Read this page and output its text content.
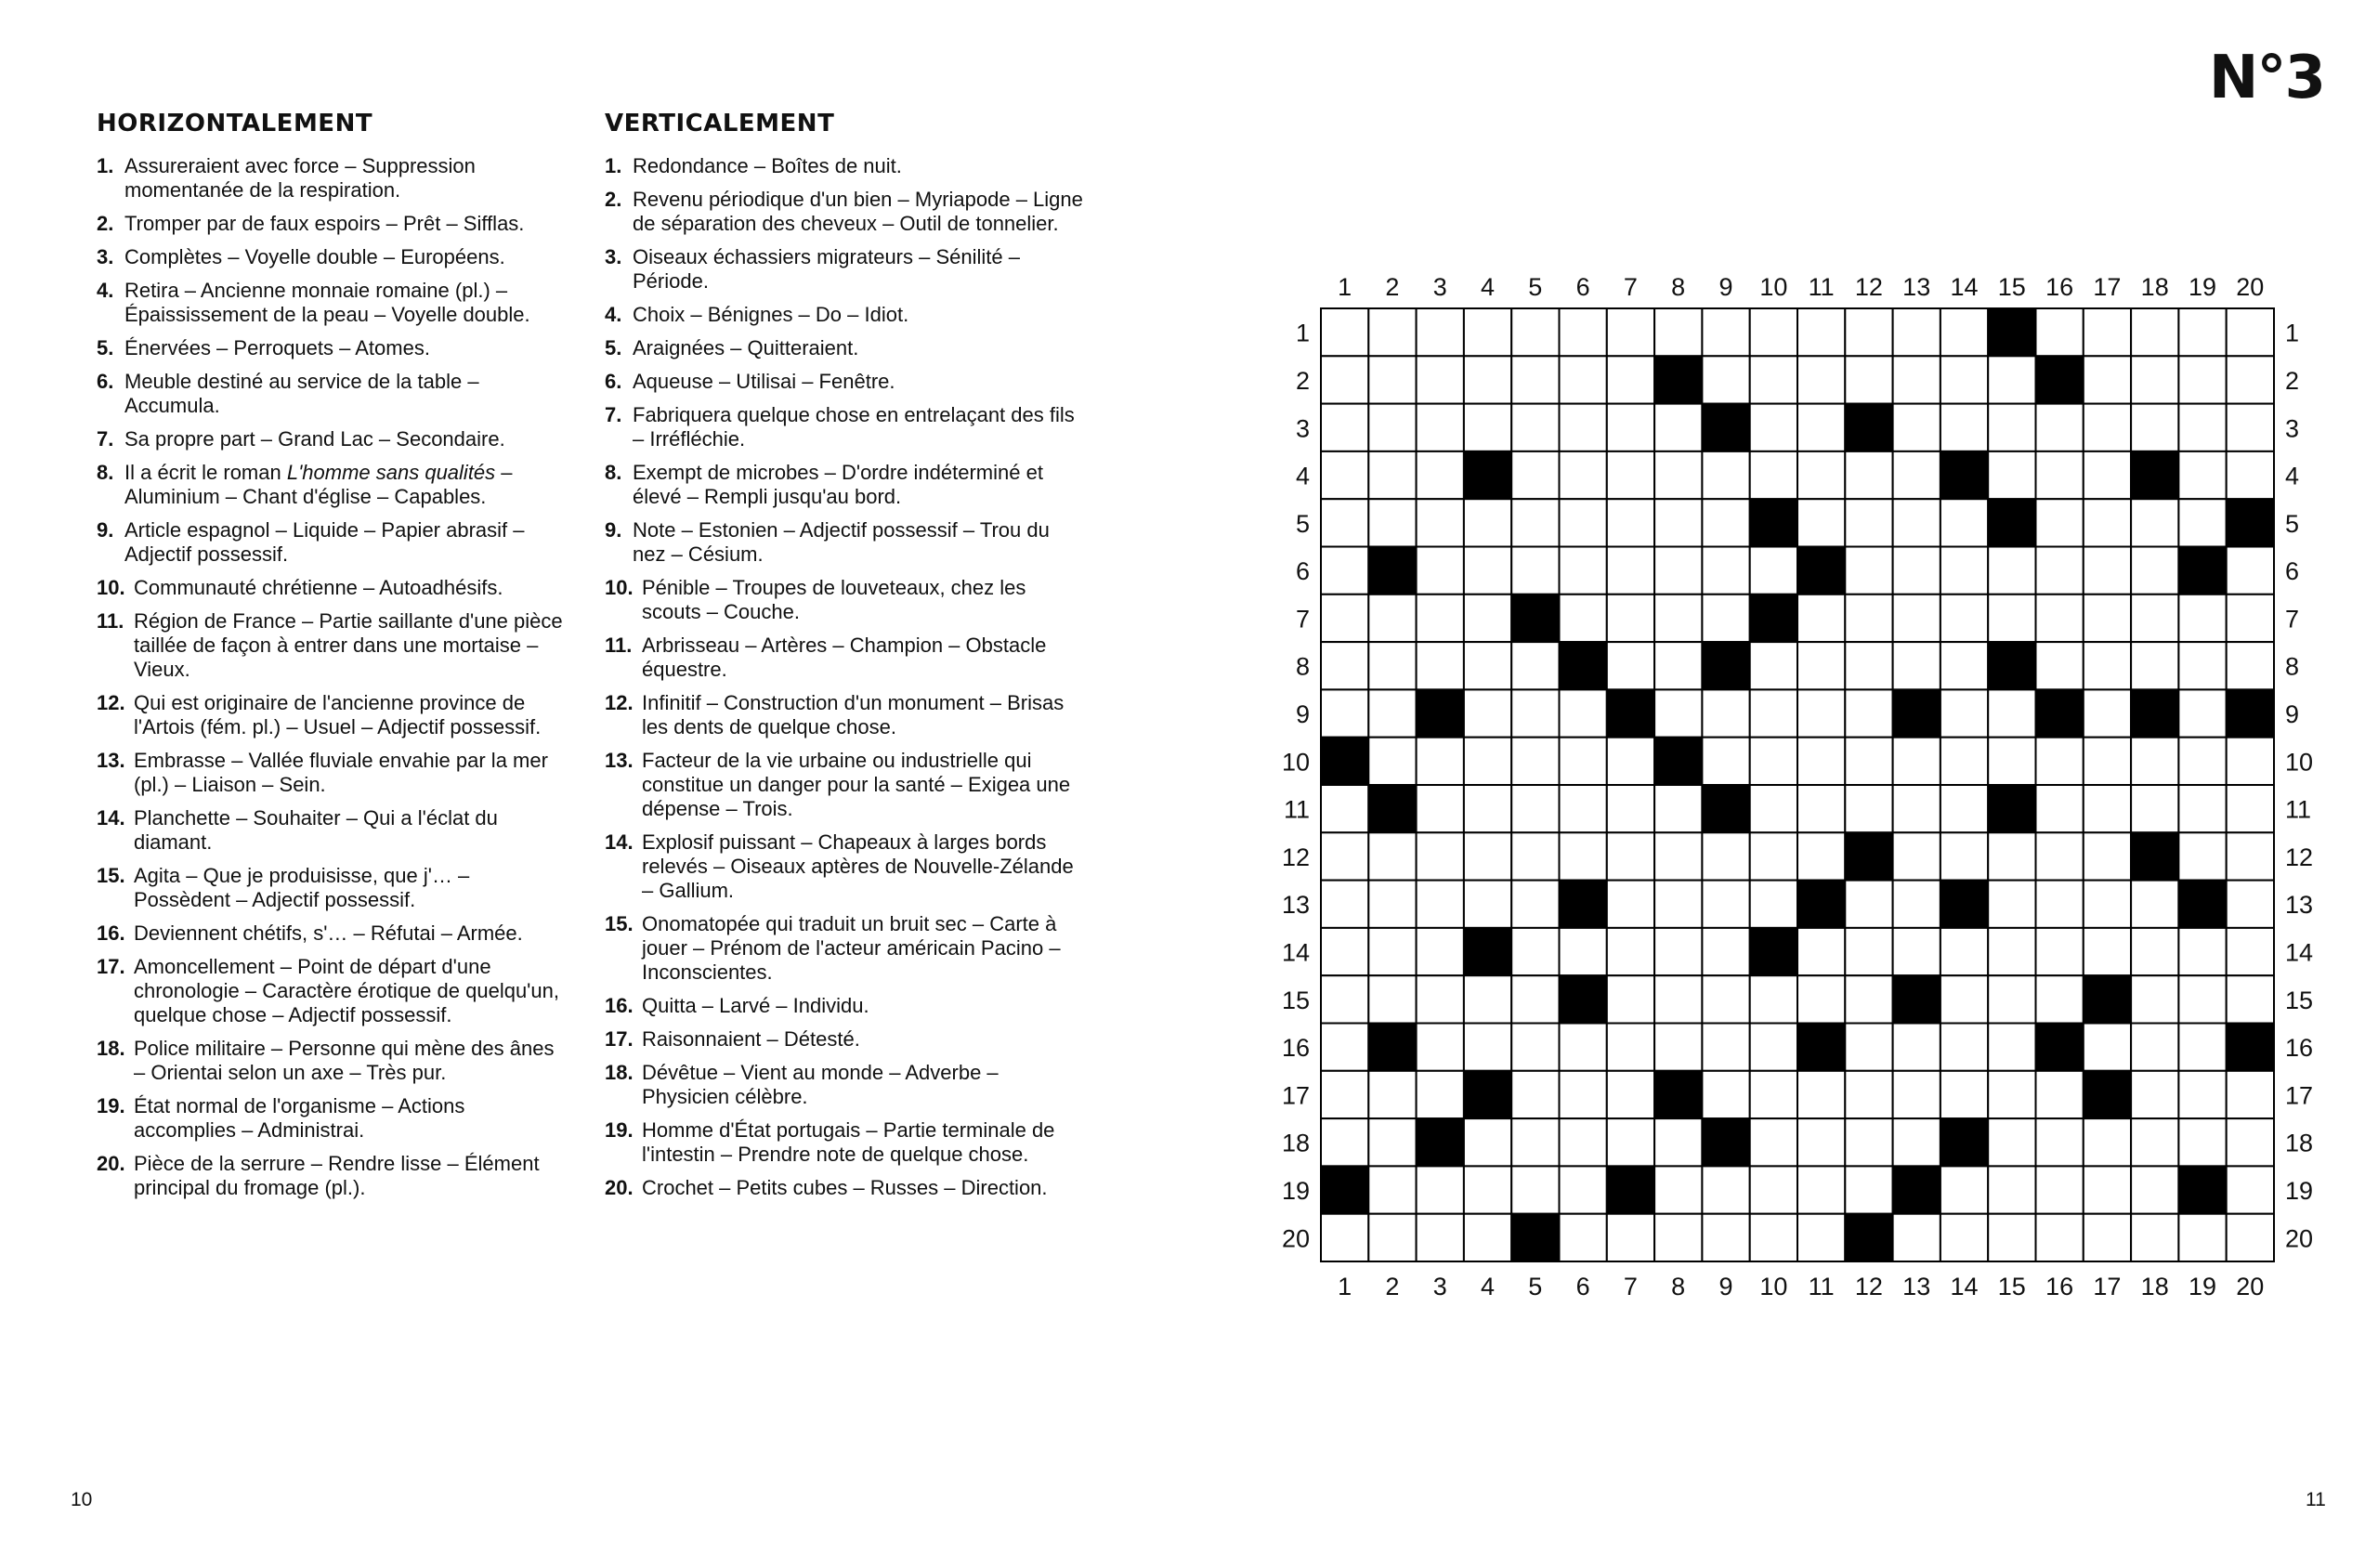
N°3
HORIZONTALEMENT
1. Assureraient avec force – Suppression momentanée de la respiration.
2. Tromper par de faux espoirs – Prêt – Sifflas.
3. Complètes – Voyelle double – Européens.
4. Retira – Ancienne monnaie romaine (pl.) – Épaississement de la peau – Voyelle double.
5. Énervées – Perroquets – Atomes.
6. Meuble destiné au service de la table – Accumula.
7. Sa propre part – Grand Lac – Secondaire.
8. Il a écrit le roman L'homme sans qualités – Aluminium – Chant d'église – Capables.
9. Article espagnol – Liquide – Papier abrasif – Adjectif possessif.
10. Communauté chrétienne – Autoadhésifs.
11. Région de France – Partie saillante d'une pièce taillée de façon à entrer dans une mortaise – Vieux.
12. Qui est originaire de l'ancienne province de l'Artois (fém. pl.) – Usuel – Adjectif possessif.
13. Embrasse – Vallée fluviale envahie par la mer (pl.) – Liaison – Sein.
14. Planchette – Souhaiter – Qui a l'éclat du diamant.
15. Agita – Que je produisisse, que j'… – Possèdent – Adjectif possessif.
16. Deviennent chétifs, s'… – Réfutai – Armée.
17. Amoncellement – Point de départ d'une chronologie – Caractère érotique de quelqu'un, quelque chose – Adjectif possessif.
18. Police militaire – Personne qui mène des ânes – Orientai selon un axe – Très pur.
19. État normal de l'organisme – Actions accomplies – Administrai.
20. Pièce de la serrure – Rendre lisse – Élément principal du fromage (pl.).
VERTICALEMENT
1. Redondance – Boîtes de nuit.
2. Revenu périodique d'un bien – Myriapode – Ligne de séparation des cheveux – Outil de tonnelier.
3. Oiseaux échassiers migrateurs – Sénilité – Période.
4. Choix – Bénignes – Do – Idiot.
5. Araignées – Quitteraient.
6. Aqueuse – Utilisai – Fenêtre.
7. Fabriquera quelque chose en entrelaçant des fils – Irréfléchie.
8. Exempt de microbes – D'ordre indéterminé et élevé – Rempli jusqu'au bord.
9. Note – Estonien – Adjectif possessif – Trou du nez – Césium.
10. Pénible – Troupes de louveteaux, chez les scouts – Couche.
11. Arbrisseau – Artères – Champion – Obstacle équestre.
12. Infinitif – Construction d'un monument – Brisas les dents de quelque chose.
13. Facteur de la vie urbaine ou industrielle qui constitue un danger pour la santé – Exigea une dépense – Trois.
14. Explosif puissant – Chapeaux à larges bords relevés – Oiseaux aptères de Nouvelle-Zélande – Gallium.
15. Onomatopée qui traduit un bruit sec – Carte à jouer – Prénom de l'acteur américain Pacino – Inconscientes.
16. Quitta – Larvé – Individu.
17. Raisonnaient – Détesté.
18. Dévêtue – Vient au monde – Adverbe – Physicien célèbre.
19. Homme d'État portugais – Partie terminale de l'intestin – Prendre note de quelque chose.
20. Crochet – Petits cubes – Russes – Direction.
1
1
2
2
3
3
4
4
5
5
6
6
7
7
8
8
9
9
10
10
11
11
12
12
13
13
14
14
15
15
16
16
17
17
18
18
19
19
20
20
1	1
2	2
3	3
4	4
5	5
6	6
7	7
8	8
9	9
10	10
11	11
12	12
13	13
14	14
15	15
16	16
17	17
18	18
19	19
20	20
10	11
